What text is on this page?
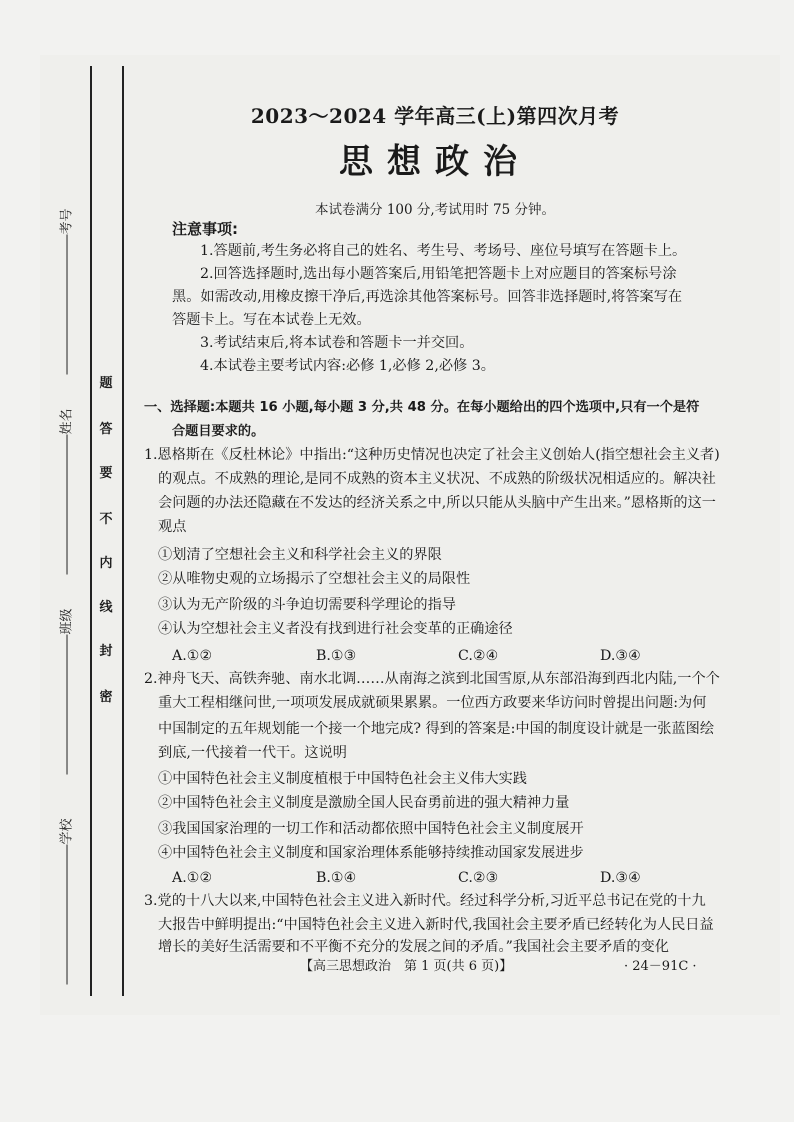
考号
姓名
班级
学校
题
答
要
不
内
线
封
密
2023～2024 学年高三(上)第四次月考
思想政治
本试卷满分 100 分,考试用时 75 分钟。
注意事项:
1.答题前,考生务必将自己的姓名、考生号、考场号、座位号填写在答题卡上。
2.回答选择题时,选出每小题答案后,用铅笔把答题卡上对应题目的答案标号涂
黑。如需改动,用橡皮擦干净后,再选涂其他答案标号。回答非选择题时,将答案写在
答题卡上。写在本试卷上无效。
3.考试结束后,将本试卷和答题卡一并交回。
4.本试卷主要考试内容:必修 1,必修 2,必修 3。
一、选择题:本题共 16 小题,每小题 3 分,共 48 分。在每小题给出的四个选项中,只有一个是符
合题目要求的。
1.恩格斯在《反杜林论》中指出:“这种历史情况也决定了社会主义创始人(指空想社会主义者)
的观点。不成熟的理论,是同不成熟的资本主义状况、不成熟的阶级状况相适应的。解决社
会问题的办法还隐藏在不发达的经济关系之中,所以只能从头脑中产生出来。”恩格斯的这一
观点
①划清了空想社会主义和科学社会主义的界限
②从唯物史观的立场揭示了空想社会主义的局限性
③认为无产阶级的斗争迫切需要科学理论的指导
④认为空想社会主义者没有找到进行社会变革的正确途径
A.①②	B.①③	C.②④	D.③④
2.神舟飞天、高铁奔驰、南水北调……从南海之滨到北国雪原,从东部沿海到西北内陆,一个个
重大工程相继问世,一项项发展成就硕果累累。一位西方政要来华访问时曾提出问题:为何
中国制定的五年规划能一个接一个地完成? 得到的答案是:中国的制度设计就是一张蓝图绘
到底,一代接着一代干。这说明
①中国特色社会主义制度植根于中国特色社会主义伟大实践
②中国特色社会主义制度是激励全国人民奋勇前进的强大精神力量
③我国国家治理的一切工作和活动都依照中国特色社会主义制度展开
④中国特色社会主义制度和国家治理体系能够持续推动国家发展进步
A.①②	B.①④	C.②③	D.③④
3.党的十八大以来,中国特色社会主义进入新时代。经过科学分析,习近平总书记在党的十九
大报告中鲜明提出:“中国特色社会主义进入新时代,我国社会主要矛盾已经转化为人民日益
增长的美好生活需要和不平衡不充分的发展之间的矛盾。”我国社会主要矛盾的变化
【高三思想政治　第 1 页(共 6 页)】	· 24－91C ·
